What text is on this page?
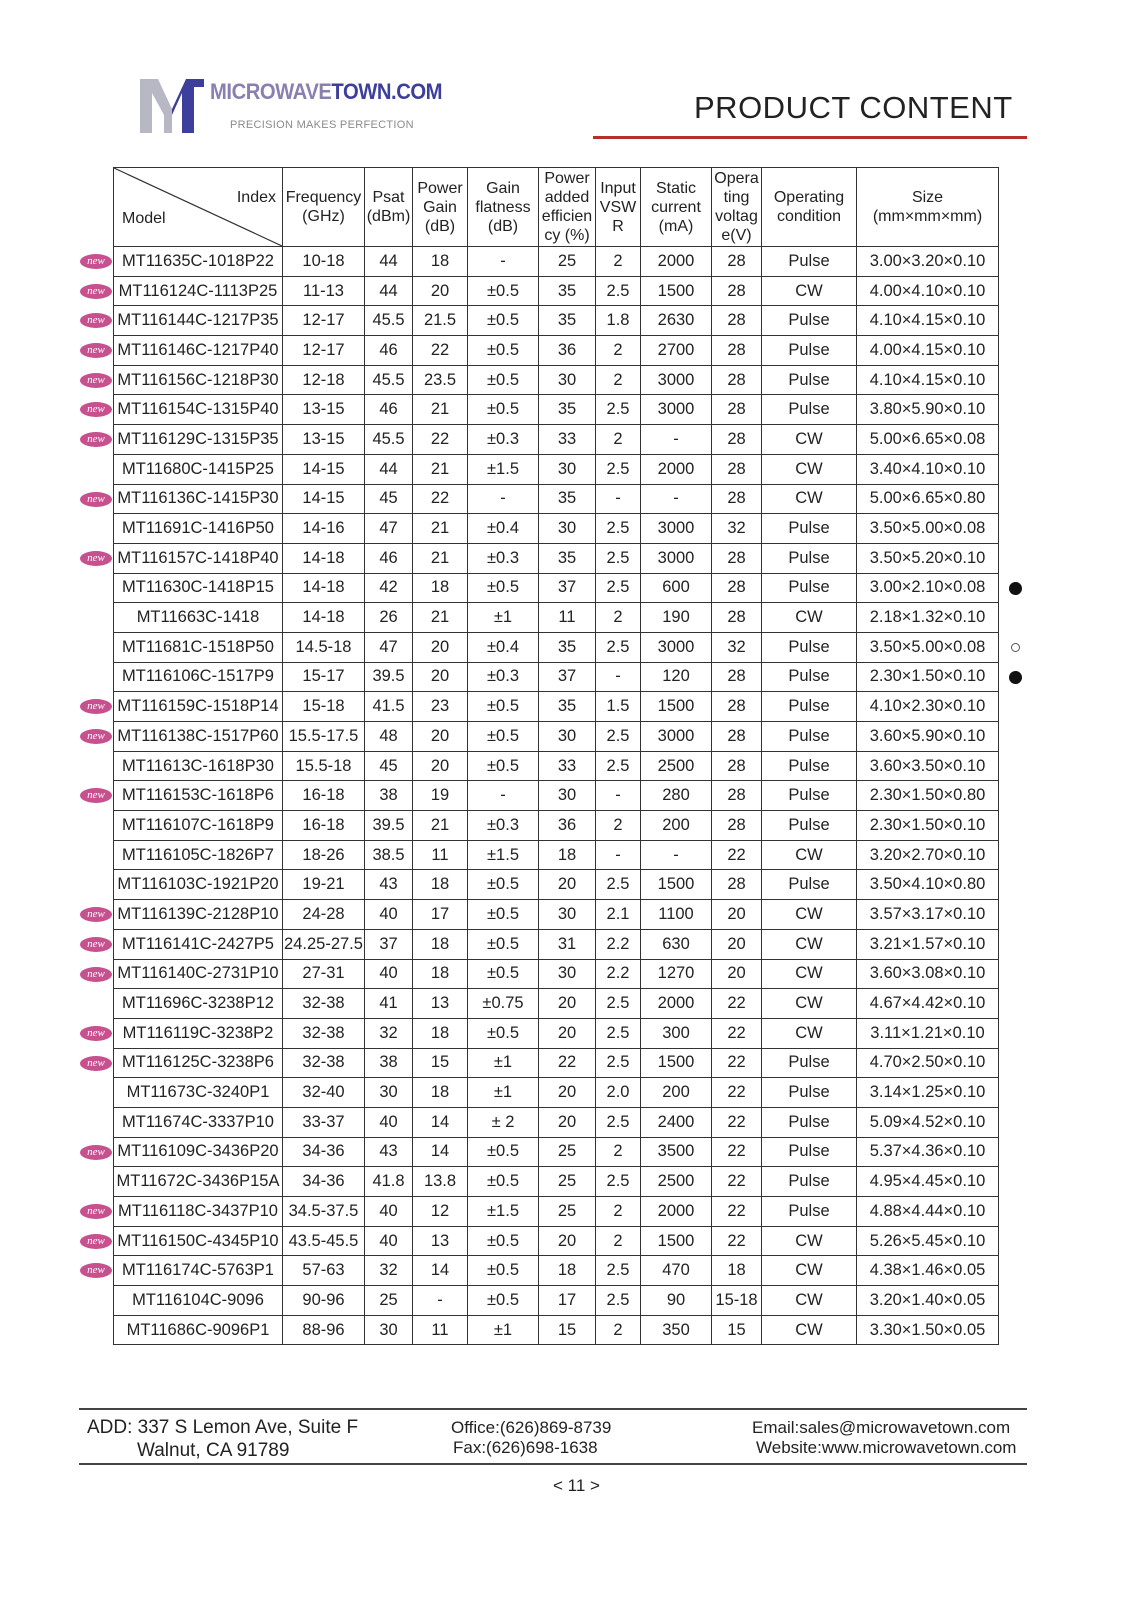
MICROWAVETOWN.COM
PRECISION MAKES PERFECTION	PRODUCT CONTENT
Index
Model	Frequency (GHz)	Psat (dBm)	Power Gain (dB)	Gain flatness (dB)	Power added efficien cy (%)	Input VSW R	Static current (mA)	Opera ting voltag e(V)	Operating condition	Size (mm×mm×mm)
MT11635C-1018P22	10-18	44	18	-	25	2	2000	28	Pulse	3.00×3.20×0.10
MT116124C-1113P25	11-13	44	20	±0.5	35	2.5	1500	28	CW	4.00×4.10×0.10
MT116144C-1217P35	12-17	45.5	21.5	±0.5	35	1.8	2630	28	Pulse	4.10×4.15×0.10
MT116146C-1217P40	12-17	46	22	±0.5	36	2	2700	28	Pulse	4.00×4.15×0.10
MT116156C-1218P30	12-18	45.5	23.5	±0.5	30	2	3000	28	Pulse	4.10×4.15×0.10
MT116154C-1315P40	13-15	46	21	±0.5	35	2.5	3000	28	Pulse	3.80×5.90×0.10
MT116129C-1315P35	13-15	45.5	22	±0.3	33	2	-	28	CW	5.00×6.65×0.08
MT11680C-1415P25	14-15	44	21	±1.5	30	2.5	2000	28	CW	3.40×4.10×0.10
MT116136C-1415P30	14-15	45	22	-	35	-	-	28	CW	5.00×6.65×0.80
MT11691C-1416P50	14-16	47	21	±0.4	30	2.5	3000	32	Pulse	3.50×5.00×0.08
MT116157C-1418P40	14-18	46	21	±0.3	35	2.5	3000	28	Pulse	3.50×5.20×0.10
MT11630C-1418P15	14-18	42	18	±0.5	37	2.5	600	28	Pulse	3.00×2.10×0.08
MT11663C-1418	14-18	26	21	±1	11	2	190	28	CW	2.18×1.32×0.10
MT11681C-1518P50	14.5-18	47	20	±0.4	35	2.5	3000	32	Pulse	3.50×5.00×0.08
MT116106C-1517P9	15-17	39.5	20	±0.3	37	-	120	28	Pulse	2.30×1.50×0.10
MT116159C-1518P14	15-18	41.5	23	±0.5	35	1.5	1500	28	Pulse	4.10×2.30×0.10
MT116138C-1517P60	15.5-17.5	48	20	±0.5	30	2.5	3000	28	Pulse	3.60×5.90×0.10
MT11613C-1618P30	15.5-18	45	20	±0.5	33	2.5	2500	28	Pulse	3.60×3.50×0.10
MT116153C-1618P6	16-18	38	19	-	30	-	280	28	Pulse	2.30×1.50×0.80
MT116107C-1618P9	16-18	39.5	21	±0.3	36	2	200	28	Pulse	2.30×1.50×0.10
MT116105C-1826P7	18-26	38.5	11	±1.5	18	-	-	22	CW	3.20×2.70×0.10
MT116103C-1921P20	19-21	43	18	±0.5	20	2.5	1500	28	Pulse	3.50×4.10×0.80
MT116139C-2128P10	24-28	40	17	±0.5	30	2.1	1100	20	CW	3.57×3.17×0.10
MT116141C-2427P5	24.25-27.5	37	18	±0.5	31	2.2	630	20	CW	3.21×1.57×0.10
MT116140C-2731P10	27-31	40	18	±0.5	30	2.2	1270	20	CW	3.60×3.08×0.10
MT11696C-3238P12	32-38	41	13	±0.75	20	2.5	2000	22	CW	4.67×4.42×0.10
MT116119C-3238P2	32-38	32	18	±0.5	20	2.5	300	22	CW	3.11×1.21×0.10
MT116125C-3238P6	32-38	38	15	±1	22	2.5	1500	22	Pulse	4.70×2.50×0.10
MT11673C-3240P1	32-40	30	18	±1	20	2.0	200	22	Pulse	3.14×1.25×0.10
MT11674C-3337P10	33-37	40	14	± 2	20	2.5	2400	22	Pulse	5.09×4.52×0.10
MT116109C-3436P20	34-36	43	14	±0.5	25	2	3500	22	Pulse	5.37×4.36×0.10
MT11672C-3436P15A	34-36	41.8	13.8	±0.5	25	2.5	2500	22	Pulse	4.95×4.45×0.10
MT116118C-3437P10	34.5-37.5	40	12	±1.5	25	2	2000	22	Pulse	4.88×4.44×0.10
MT116150C-4345P10	43.5-45.5	40	13	±0.5	20	2	1500	22	CW	5.26×5.45×0.10
MT116174C-5763P1	57-63	32	14	±0.5	18	2.5	470	18	CW	4.38×1.46×0.05
MT116104C-9096	90-96	25	-	±0.5	17	2.5	90	15-18	CW	3.20×1.40×0.05
MT11686C-9096P1	88-96	30	11	±1	15	2	350	15	CW	3.30×1.50×0.05
new
new
new
new
new
new
new
new
new
new
new
new
new
new
new
new
new
new
new
new
new
ADD: 337 S Lemon Ave, Suite F
Walnut, CA 91789
Office:(626)869-8739
Fax:(626)698-1638
Email:sales@microwavetown.com
Website:www.microwavetown.com
< 11 >
